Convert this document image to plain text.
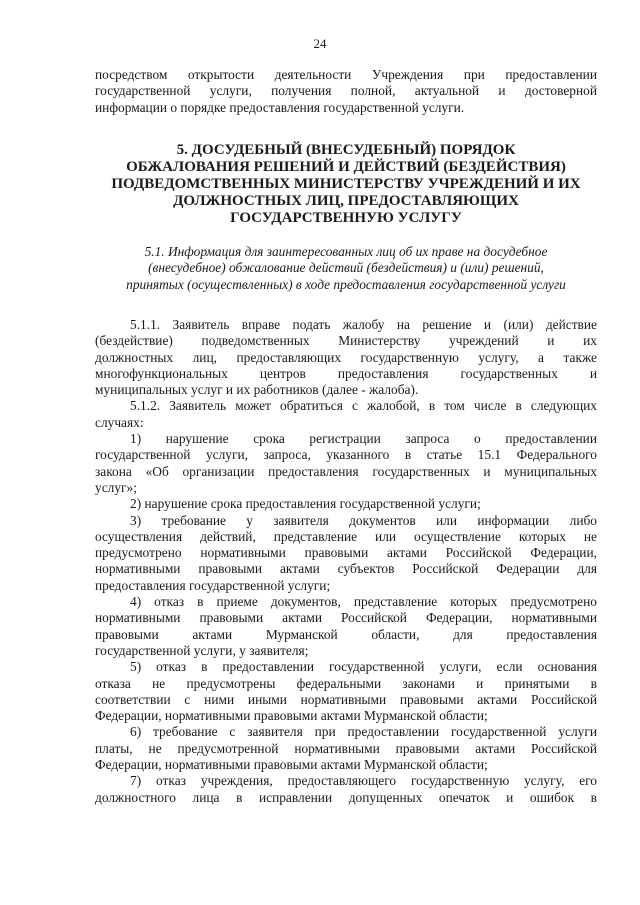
24
посредством открытости деятельности Учреждения при предоставлении
государственной услуги, получения полной, актуальной и достоверной
информации о порядке предоставления государственной услуги.
5. ДОСУДЕБНЫЙ (ВНЕСУДЕБНЫЙ) ПОРЯДОК
ОБЖАЛОВАНИЯ РЕШЕНИЙ И ДЕЙСТВИЙ (БЕЗДЕЙСТВИЯ)
ПОДВЕДОМСТВЕННЫХ МИНИСТЕРСТВУ УЧРЕЖДЕНИЙ И ИХ
ДОЛЖНОСТНЫХ ЛИЦ, ПРЕДОСТАВЛЯЮЩИХ
ГОСУДАРСТВЕННУЮ УСЛУГУ
5.1. Информация для заинтересованных лиц об их праве на досудебное
(внесудебное) обжалование действий (бездействия) и (или) решений,
принятых (осуществленных) в ходе предоставления государственной услуги
5.1.1. Заявитель вправе подать жалобу на решение и (или) действие
(бездействие) подведомственных Министерству учреждений и их
должностных лиц, предоставляющих государственную услугу, а также
многофункциональных центров предоставления государственных и
муниципальных услуг и их работников (далее - жалоба).
5.1.2. Заявитель может обратиться с жалобой, в том числе в следующих
случаях:
1) нарушение срока регистрации запроса о предоставлении
государственной услуги, запроса, указанного в статье 15.1 Федерального
закона «Об организации предоставления государственных и муниципальных
услуг»;
2) нарушение срока предоставления государственной услуги;
3) требование у заявителя документов или информации либо
осуществления действий, представление или осуществление которых не
предусмотрено нормативными правовыми актами Российской Федерации,
нормативными правовыми актами субъектов Российской Федерации для
предоставления государственной услуги;
4) отказ в приеме документов, представление которых предусмотрено
нормативными правовыми актами Российской Федерации, нормативными
правовыми актами Мурманской области, для предоставления
государственной услуги, у заявителя;
5) отказ в предоставлении государственной услуги, если основания
отказа не предусмотрены федеральными законами и принятыми в
соответствии с ними иными нормативными правовыми актами Российской
Федерации, нормативными правовыми актами Мурманской области;
6) требование с заявителя при предоставлении государственной услуги
платы, не предусмотренной нормативными правовыми актами Российской
Федерации, нормативными правовыми актами Мурманской области;
7) отказ учреждения, предоставляющего государственную услугу, его
должностного лица в исправлении допущенных опечаток и ошибок в
